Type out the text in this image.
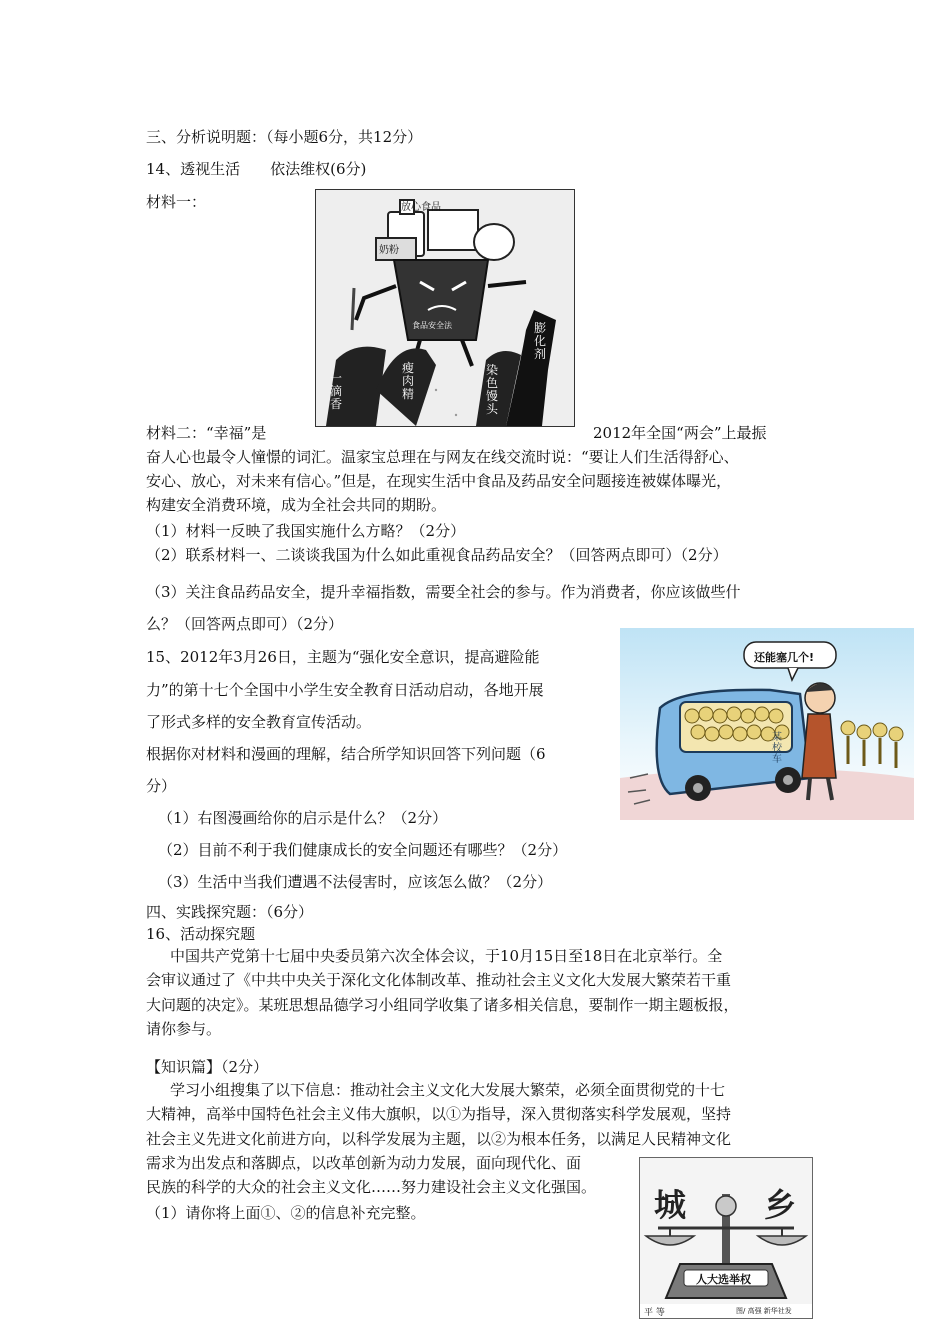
三、分析说明题：（每小题6分，共12分）
14、透视生活　　依法维权(6分)
材料一：	放心食品
奶粉
食品安全法
一滴香
瘦肉精
染色馒头
膨化剂
材料二：“幸福”是	2012年全国“两会”上最振
奋人心也最令人憧憬的词汇。温家宝总理在与网友在线交流时说：“要让人们生活得舒心、
安心、放心，对未来有信心。”但是，在现实生活中食品及药品安全问题接连被媒体曝光，
构建安全消费环境，成为全社会共同的期盼。
（1）材料一反映了我国实施什么方略？（2分）
（2）联系材料一、二谈谈我国为什么如此重视食品药品安全？（回答两点即可）（2分）
（3）关注食品药品安全，提升幸福指数，需要全社会的参与。作为消费者，你应该做些什
么？（回答两点即可）（2分）
15、2012年3月26日，主题为“强化安全意识，提高避险能
力”的第十七个全国中小学生安全教育日活动启动，各地开展
了形式多样的安全教育宣传活动。
根据你对材料和漫画的理解，结合所学知识回答下列问题（6
分）
（1）右图漫画给你的启示是什么？（2分）
（2）目前不利于我们健康成长的安全问题还有哪些？（2分）
（3）生活中当我们遭遇不法侵害时，应该怎么做？（2分）
还能塞几个!
某校车
四、实践探究题：（6分）
16、活动探究题
中国共产党第十七届中央委员第六次全体会议，于10月15日至18日在北京举行。全
会审议通过了《中共中央关于深化文化体制改革、推动社会主义文化大发展大繁荣若干重
大问题的决定》。某班思想品德学习小组同学收集了诸多相关信息，要制作一期主题板报，
请你参与。
【知识篇】（2分）
学习小组搜集了以下信息：推动社会主义文化大发展大繁荣，必须全面贯彻党的十七
大精神，高举中国特色社会主义伟大旗帜，以①为指导，深入贯彻落实科学发展观，坚持
社会主义先进文化前进方向，以科学发展为主题，以②为根本任务，以满足人民精神文化
需求为出发点和落脚点，以改革创新为动力发展，面向现代化、面
民族的科学的大众的社会主义文化……努力建设社会主义文化强国。
（1）请你将上面①、②的信息补充完整。	城 乡
人大选举权
平 等	图/ 高强 新华社发
